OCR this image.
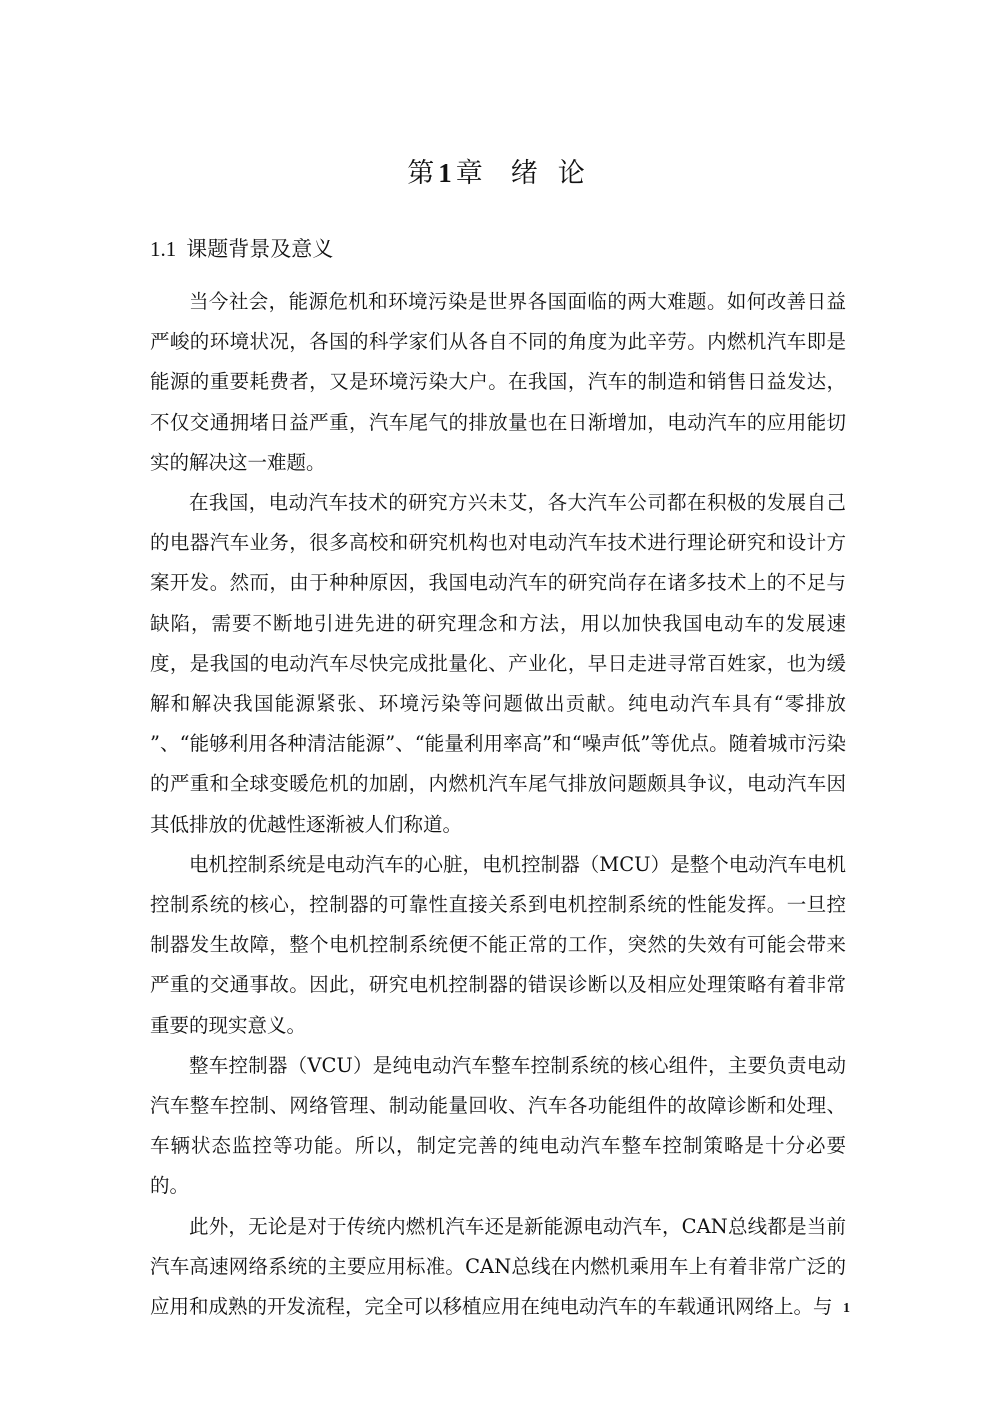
第 1 章 绪 论
1.1 课题背景及意义

当今社会，能源危机和环境污染是世界各国面临的两大难题。如何改善日益严峻的环境状况，各国的科学家们从各自不同的角度为此辛劳。内燃机汽车即是能源的重要耗费者，又是环境污染大户。在我国，汽车的制造和销售日益发达，不仅交通拥堵日益严重，汽车尾气的排放量也在日渐增加，电动汽车的应用能切实的解决这一难题。

在我国，电动汽车技术的研究方兴未艾，各大汽车公司都在积极的发展自己的电器汽车业务，很多高校和研究机构也对电动汽车技术进行理论研究和设计方案开发。然而，由于种种原因，我国电动汽车的研究尚存在诸多技术上的不足与缺陷，需要不断地引进先进的研究理念和方法，用以加快我国电动车的发展速度，是我国的电动汽车尽快完成批量化、产业化，早日走进寻常百姓家，也为缓解和解决我国能源紧张、环境污染等问题做出贡献。纯电动汽车具有“零排放 ”、“能够利用各种清洁能源”、“能量利用率高”和“噪声低”等优点。随着城市污染的严重和全球变暖危机的加剧，内燃机汽车尾气排放问题颇具争议，电动汽车因其低排放的优越性逐渐被人们称道。

电机控制系统是电动汽车的心脏，电机控制器（MCU）是整个电动汽车电机控制系统的核心，控制器的可靠性直接关系到电机控制系统的性能发挥。一旦控制器发生故障，整个电机控制系统便不能正常的工作，突然的失效有可能会带来严重的交通事故。因此，研究电机控制器的错误诊断以及相应处理策略有着非常重要的现实意义。

整车控制器（VCU）是纯电动汽车整车控制系统的核心组件，主要负责电动汽车整车控制、网络管理、制动能量回收、汽车各功能组件的故障诊断和处理、车辆状态监控等功能。所以，制定完善的纯电动汽车整车控制策略是十分必要的。

此外，无论是对于传统内燃机汽车还是新能源电动汽车，CAN总线都是当前汽车高速网络系统的主要应用标准。CAN总线在内燃机乘用车上有着非常广泛的应用和成熟的开发流程，完全可以移植应用在纯电动汽车的车载通讯网络上。与 1
